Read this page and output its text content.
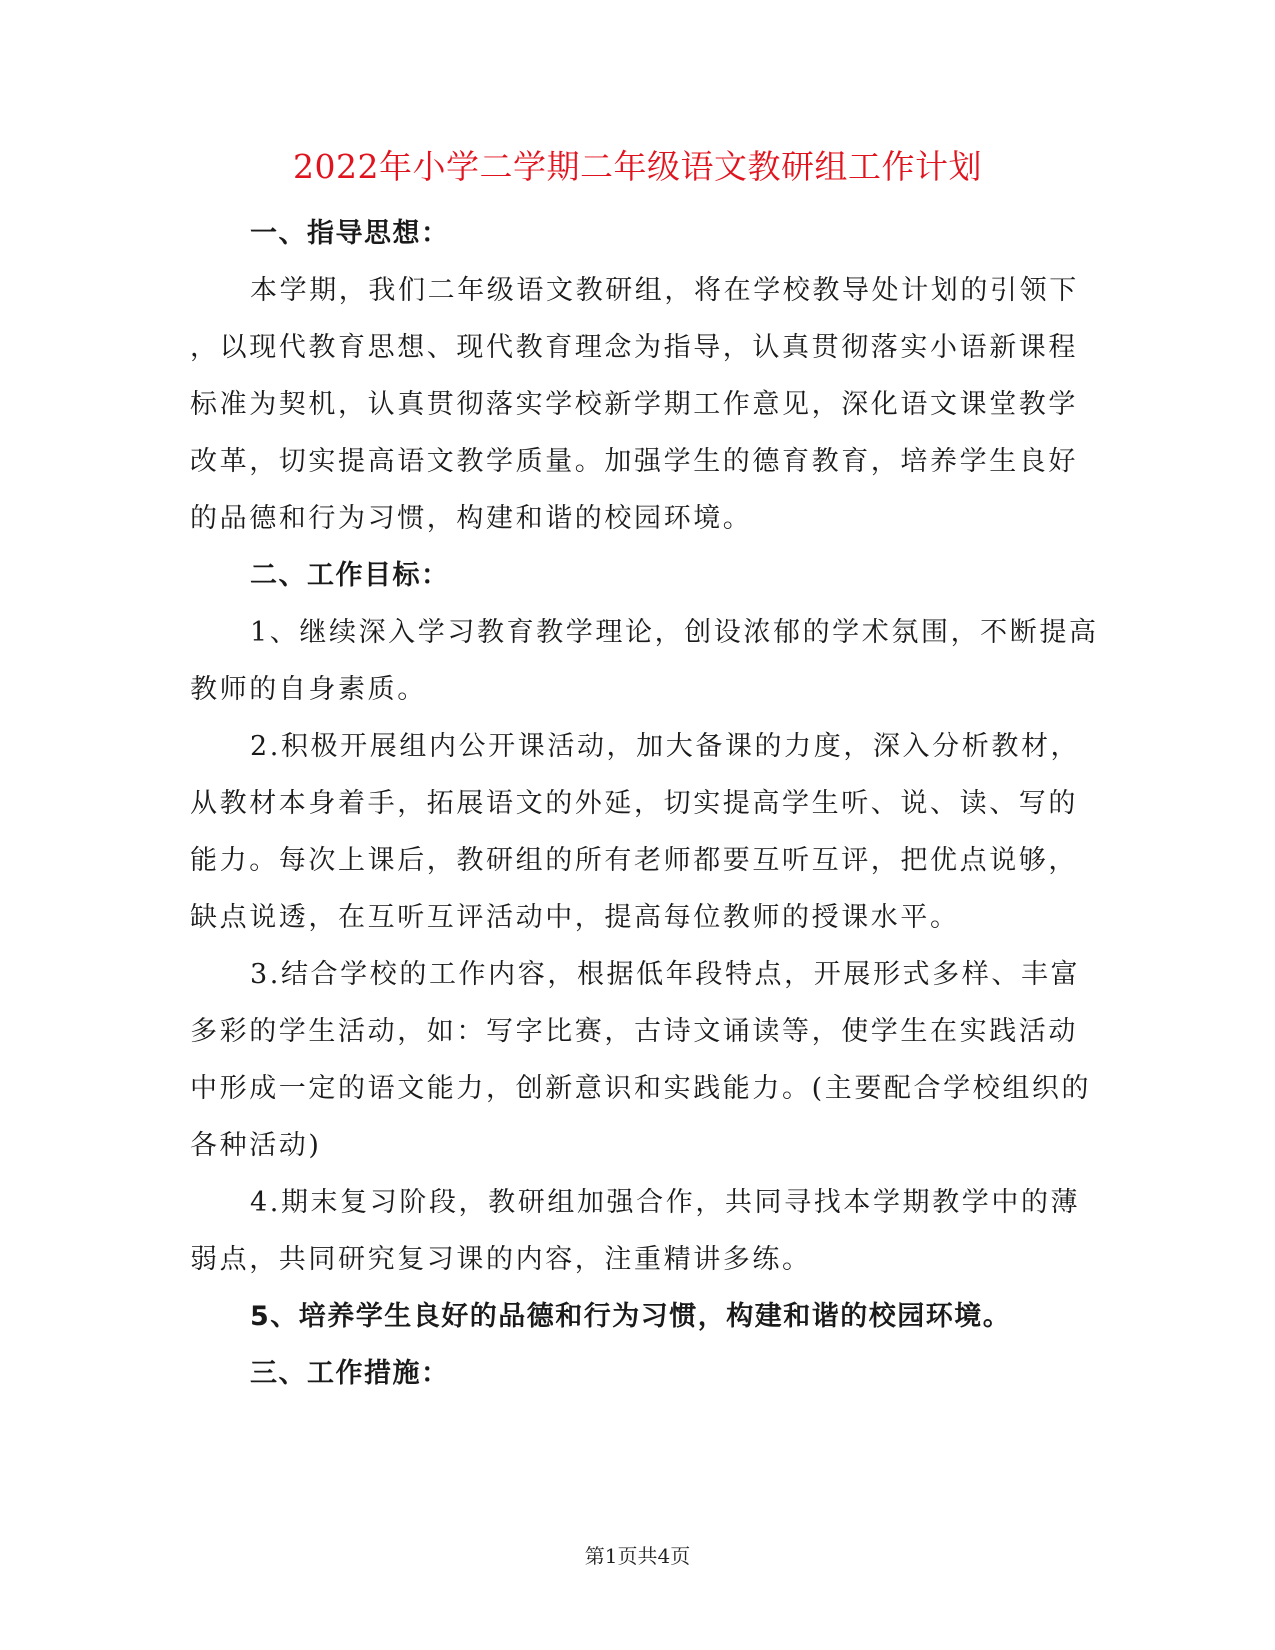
2022年小学二学期二年级语文教研组工作计划
一、指导思想：
本学期，我们二年级语文教研组，将在学校教导处计划的引领下
，以现代教育思想、现代教育理念为指导，认真贯彻落实小语新课程
标准为契机，认真贯彻落实学校新学期工作意见，深化语文课堂教学
改革，切实提高语文教学质量。加强学生的德育教育，培养学生良好
的品德和行为习惯，构建和谐的校园环境。
二、工作目标：
1、继续深入学习教育教学理论，创设浓郁的学术氛围，不断提高
教师的自身素质。
2.积极开展组内公开课活动，加大备课的力度，深入分析教材，
从教材本身着手，拓展语文的外延，切实提高学生听、说、读、写的
能力。每次上课后，教研组的所有老师都要互听互评，把优点说够，
缺点说透，在互听互评活动中，提高每位教师的授课水平。
3.结合学校的工作内容，根据低年段特点，开展形式多样、丰富
多彩的学生活动，如：写字比赛，古诗文诵读等，使学生在实践活动
中形成一定的语文能力，创新意识和实践能力。(主要配合学校组织的
各种活动)
4.期末复习阶段，教研组加强合作，共同寻找本学期教学中的薄
弱点，共同研究复习课的内容，注重精讲多练。
5、培养学生良好的品德和行为习惯，构建和谐的校园环境。
三、工作措施：
第1页共4页
